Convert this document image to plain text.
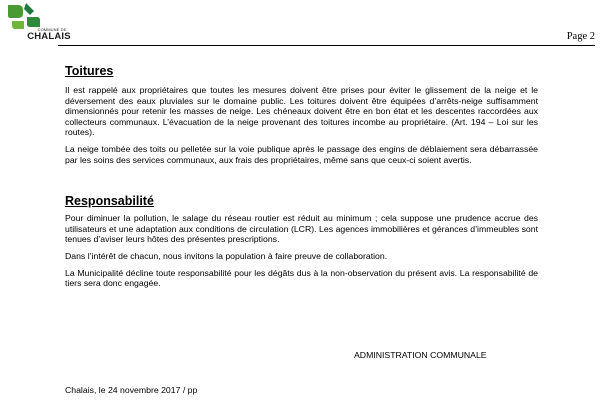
COMMUNE DE
CHALAIS	Page 2
Toitures

Il est rappelé aux propriétaires que toutes les mesures doivent être prises pour éviter le glissement de la neige et le déversement des eaux pluviales sur le domaine public. Les toitures doivent être équipées d’arrêts-neige suffisamment dimensionnés pour retenir les masses de neige. Les chéneaux doivent être en bon état et les descentes raccordées aux collecteurs communaux. L’évacuation de la neige provenant des toitures incombe au propriétaire. (Art. 194 – Loi sur les routes).

La neige tombée des toits ou pelletée sur la voie publique après le passage des engins de déblaiement sera débarrassée par les soins des services communaux, aux frais des propriétaires, même sans que ceux-ci soient avertis.

Responsabilité

Pour diminuer la pollution, le salage du réseau routier est réduit au minimum ; cela suppose une prudence accrue des utilisateurs et une adaptation aux conditions de circulation (LCR). Les agences immobilières et gérances d’immeubles sont tenues d’aviser leurs hôtes des présentes prescriptions.

Dans l’intérêt de chacun, nous invitons la population à faire preuve de collaboration.

La Municipalité décline toute responsabilité pour les dégâts dus à la non-observation du présent avis. La responsabilité de tiers sera donc engagée.

ADMINISTRATION COMMUNALE
Chalais, le 24 novembre 2017 / pp
